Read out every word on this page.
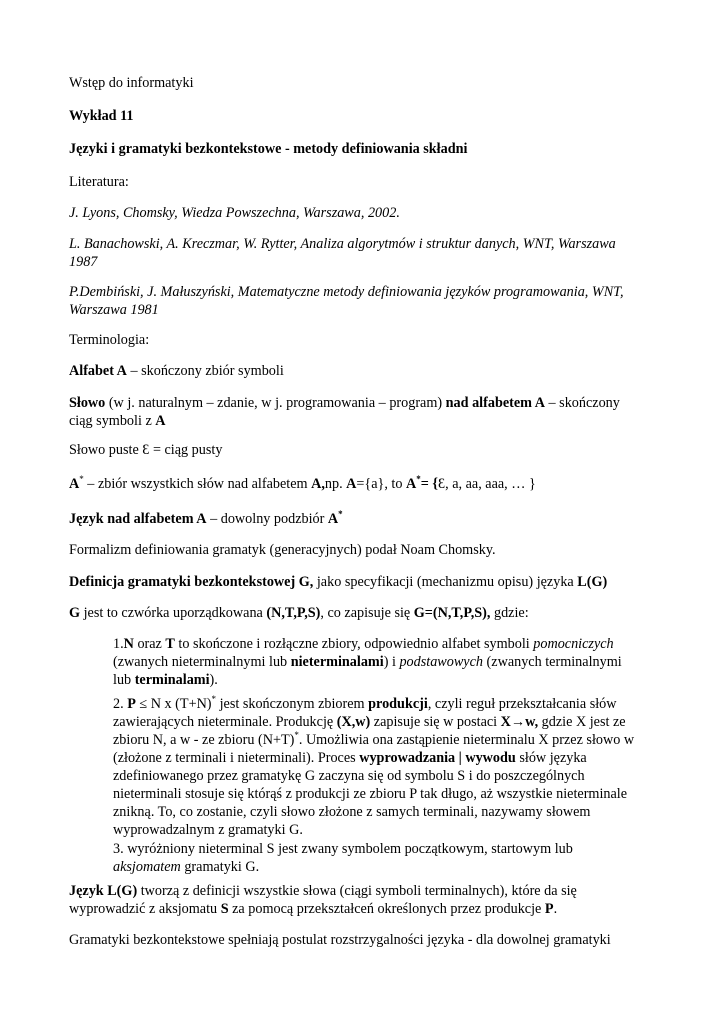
Wstęp do informatyki

Wykład 11

Języki i gramatyki bezkontekstowe - metody definiowania składni

Literatura:

J. Lyons, Chomsky, Wiedza Powszechna, Warszawa, 2002.

L. Banachowski, A. Kreczmar, W. Rytter, Analiza algorytmów i struktur danych, WNT, Warszawa
1987

P.Dembiński, J. Małuszyński, Matematyczne metody definiowania języków programowania, WNT,
Warszawa 1981

Terminologia:

Alfabet A – skończony zbiór symboli

Słowo (w j. naturalnym – zdanie, w j. programowania – program) nad alfabetem A – skończony
ciąg symboli z A

Słowo puste Ɛ = ciąg pusty

A* – zbiór wszystkich słów nad alfabetem A,np. A={a}, to A*= {Ɛ, a, aa, aaa, … }

Język nad alfabetem A – dowolny podzbiór A*

Formalizm definiowania gramatyk (generacyjnych) podał Noam Chomsky.

Definicja gramatyki bezkontekstowej G, jako specyfikacji (mechanizmu opisu) języka L(G)

G jest to czwórka uporządkowana (N,T,P,S), co zapisuje się G=(N,T,P,S), gdzie:

1.N oraz T to skończone i rozłączne zbiory, odpowiednio alfabet symboli pomocniczych
(zwanych nieterminalnymi lub nieterminalami) i podstawowych (zwanych terminalnymi
lub terminalami).

2. P ≤ N x (T+N)* jest skończonym zbiorem produkcji, czyli reguł przekształcania słów
zawierających nieterminale. Produkcję (X,w) zapisuje się w postaci X→w, gdzie X jest ze
zbioru N, a w - ze zbioru (N+T)*. Umożliwia ona zastąpienie nieterminalu X przez słowo w
(złożone z terminali i nieterminali). Proces wyprowadzania | wywodu słów języka
zdefiniowanego przez gramatykę G zaczyna się od symbolu S i do poszczególnych
nieterminali stosuje się którąś z produkcji ze zbioru P tak długo, aż wszystkie nieterminale
znikną. To, co zostanie, czyli słowo złożone z samych terminali, nazywamy słowem
wyprowadzalnym z gramatyki G.

3. wyróżniony nieterminal S jest zwany symbolem początkowym, startowym lub
aksjomatem gramatyki G.

Język L(G) tworzą z definicji wszystkie słowa (ciągi symboli terminalnych), które da się
wyprowadzić z aksjomatu S za pomocą przekształceń określonych przez produkcje P.

Gramatyki bezkontekstowe spełniają postulat rozstrzygalności języka - dla dowolnej gramatyki
